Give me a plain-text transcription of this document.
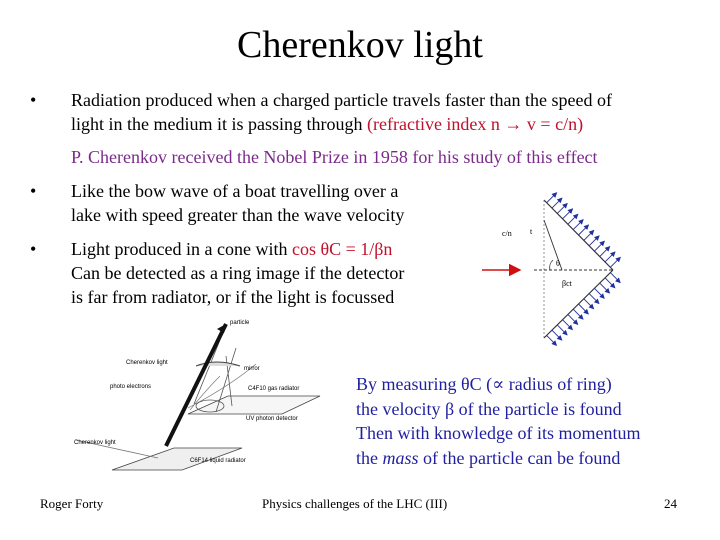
Cherenkov light
• Radiation produced when a charged particle travels faster than the speed of
light in the medium it is passing through (refractive index n → v = c/n)
P. Cherenkov received the Nobel Prize in 1958 for his study of this effect
• Like the bow wave of a boat travelling over a
lake with speed greater than the wave velocity
• Light produced in a cone with cos θC = 1/βn
Can be detected as a ring image if the detector
is far from radiator, or if the light is focussed
c/n t
θ
βct
particle
Cherenkov light
mirror
photo electrons	C4F10 gas radiator
UV photon detector
Cherenkov light
C6F14 liquid radiator
By measuring θC (∝ radius of ring)
the velocity β of the particle is found
Then with knowledge of its momentum
the mass of the particle can be found
Roger Forty	Physics challenges of the LHC (III)	24
